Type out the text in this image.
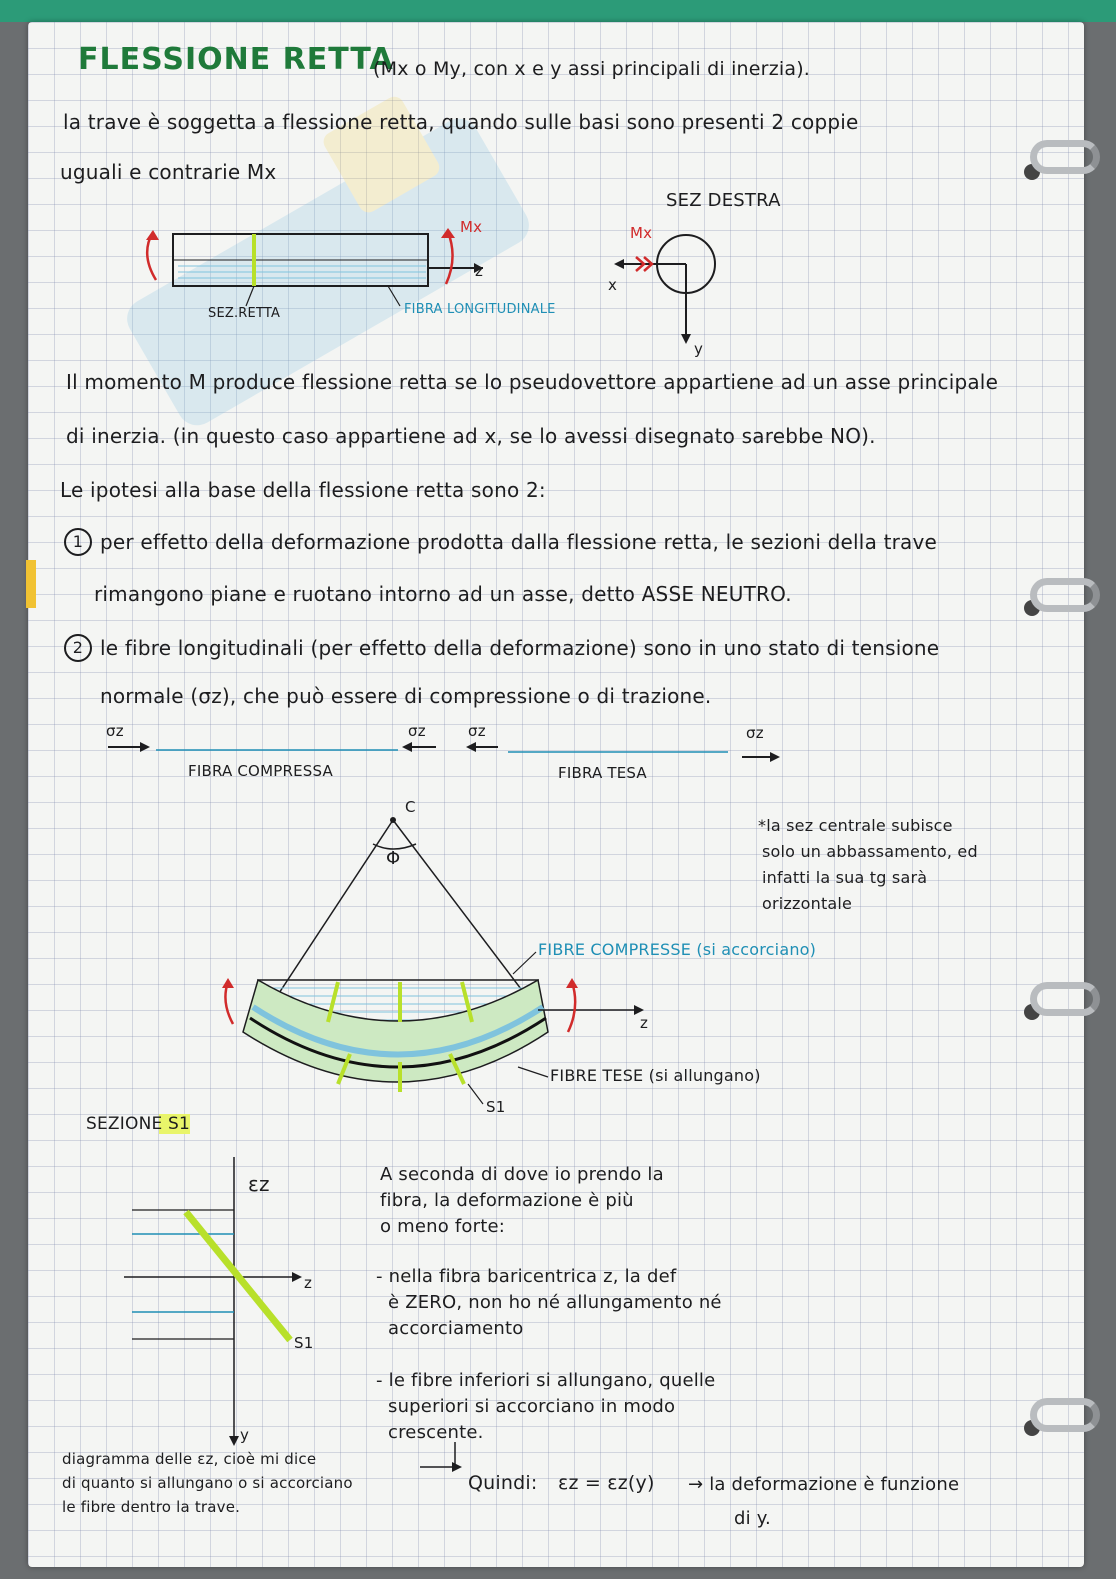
FLESSIONE RETTA
(Mx o My, con x e y assi principali di inerzia).
la trave è soggetta a flessione retta, quando sulle basi sono presenti 2 coppie
uguali e contrarie Mx
Mx
z
SEZ.RETTA	FIBRA LONGITUDINALE
SEZ DESTRA
Mx
x
y
Il momento M produce flessione retta se lo pseudovettore appartiene ad un asse principale
di inerzia. (in questo caso appartiene ad x, se lo avessi disegnato sarebbe NO).
Le ipotesi alla base della flessione retta sono 2:
1 per effetto della deformazione prodotta dalla flessione retta, le sezioni della trave
rimangono piane e ruotano intorno ad un asse, detto ASSE NEUTRO.
2 le fibre longitudinali (per effetto della deformazione) sono in uno stato di tensione
normale (σz), che può essere di compressione o di trazione.
σz	σz	σz	σz
FIBRA COMPRESSA	FIBRA TESA
C
Φ
z
S1
FIBRE COMPRESSE (si accorciano)
FIBRE TESE (si allungano)
*la sez centrale subisce
solo un abbassamento, ed
infatti la sua tg sarà
orizzontale
SEZIONE S1
εz
z
S1
y
A seconda di dove io prendo la
fibra, la deformazione è più
o meno forte:
- nella fibra baricentrica z, la def
è ZERO, non ho né allungamento né
accorciamento
- le fibre inferiori si allungano, quelle
superiori si accorciano in modo
crescente.
diagramma delle εz, cioè mi dice
di quanto si allungano o si accorciano
le fibre dentro la trave.
Quindi: εz = εz(y) → la deformazione è funzione
di y.
